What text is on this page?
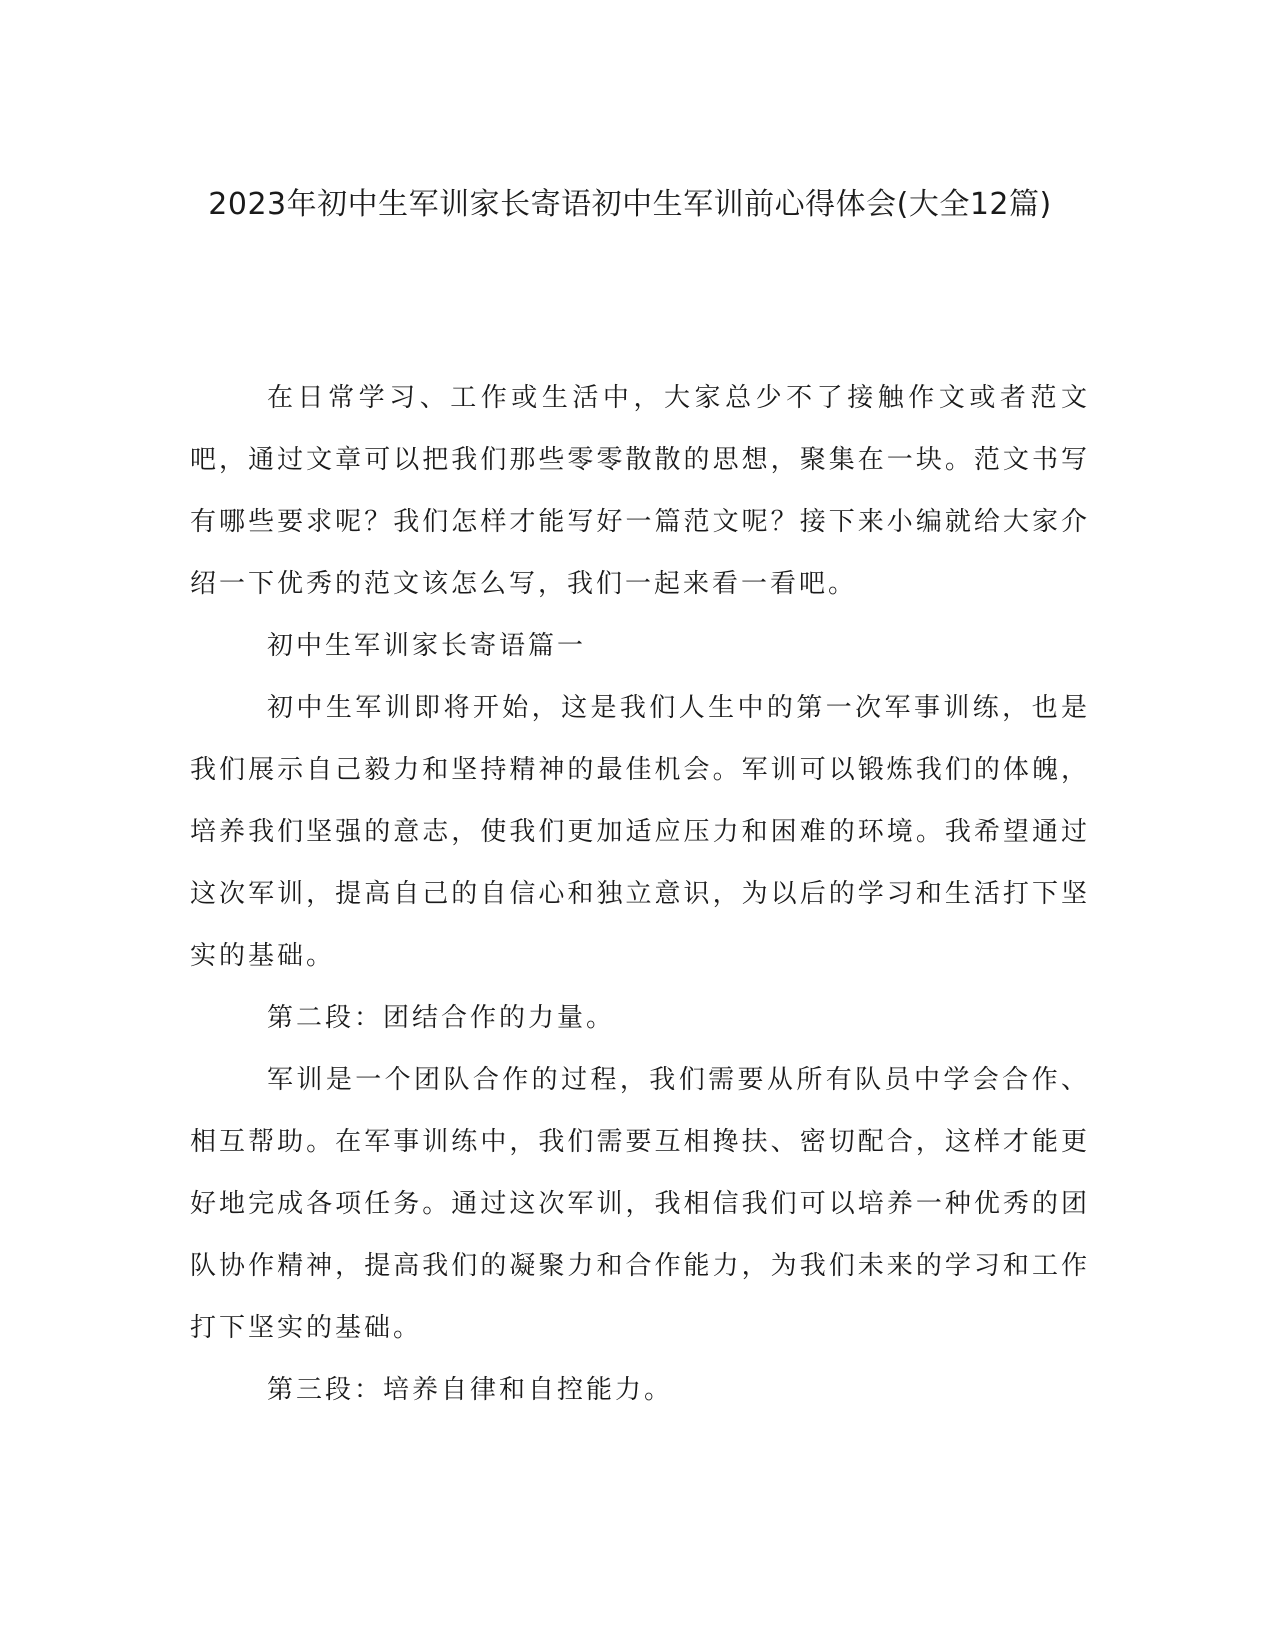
2023年初中生军训家长寄语初中生军训前心得体会(大全12篇)

在日常学习、工作或生活中，大家总少不了接触作文或者范文吧，通过文章可以把我们那些零零散散的思想，聚集在一块。范文书写有哪些要求呢？我们怎样才能写好一篇范文呢？接下来小编就给大家介绍一下优秀的范文该怎么写，我们一起来看一看吧。

初中生军训家长寄语篇一

初中生军训即将开始，这是我们人生中的第一次军事训练，也是我们展示自己毅力和坚持精神的最佳机会。军训可以锻炼我们的体魄，培养我们坚强的意志，使我们更加适应压力和困难的环境。我希望通过这次军训，提高自己的自信心和独立意识，为以后的学习和生活打下坚实的基础。

第二段：团结合作的力量。

军训是一个团队合作的过程，我们需要从所有队员中学会合作、相互帮助。在军事训练中，我们需要互相搀扶、密切配合，这样才能更好地完成各项任务。通过这次军训，我相信我们可以培养一种优秀的团队协作精神，提高我们的凝聚力和合作能力，为我们未来的学习和工作打下坚实的基础。

第三段：培养自律和自控能力。
